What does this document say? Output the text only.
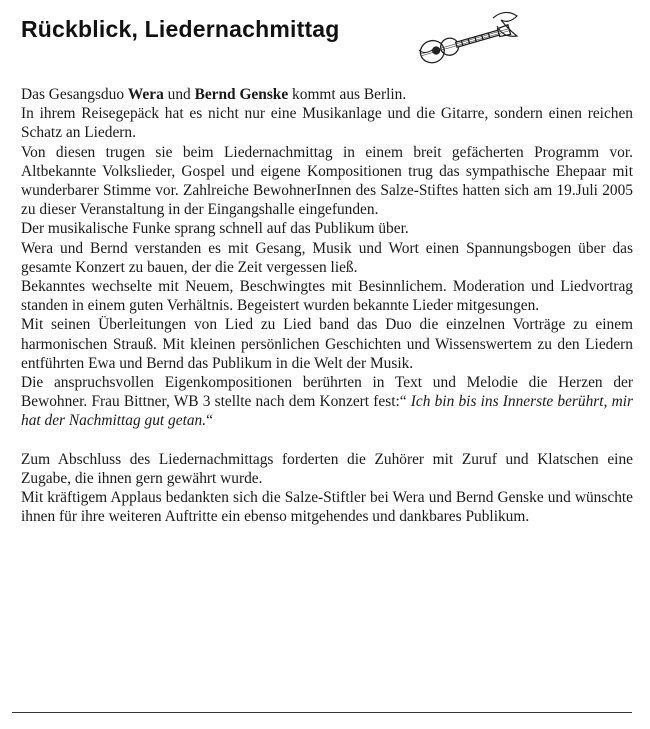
Rückblick, Liedernachmittag

Das Gesangsduo Wera und Bernd Genske kommt aus Berlin.

In ihrem Reisegepäck hat es nicht nur eine Musikanlage und die Gitarre, sondern einen reichen Schatz an Liedern.

Von diesen trugen sie beim Liedernachmittag in einem breit gefächerten Programm vor. Altbekannte Volkslieder, Gospel und eigene Kompositionen trug das sympathische Ehepaar mit wunderbarer Stimme vor. Zahlreiche BewohnerInnen des Salze-Stiftes hatten sich am 19.Juli 2005 zu dieser Veranstaltung in der Eingangshalle eingefunden.

Der musikalische Funke sprang schnell auf das Publikum über.

Wera und Bernd verstanden es mit Gesang, Musik und Wort einen Spannungsbogen über das gesamte Konzert zu bauen, der die Zeit vergessen ließ.

Bekanntes wechselte mit Neuem, Beschwingtes mit Besinnlichem. Moderation und Liedvortrag standen in einem guten Verhältnis. Begeistert wurden bekannte Lieder mitgesungen.

Mit seinen Überleitungen von Lied zu Lied band das Duo die einzelnen Vorträge zu einem harmonischen Strauß. Mit kleinen persönlichen Geschichten und Wissenswertem zu den Liedern entführten Ewa und Bernd das Publikum in die Welt der Musik.

Die anspruchsvollen Eigenkompositionen berührten in Text und Melodie die Herzen der Bewohner. Frau Bittner, WB 3 stellte nach dem Konzert fest:“ Ich bin bis ins Innerste berührt, mir hat der Nachmittag gut getan.“

Zum Abschluss des Liedernachmittags forderten die Zuhörer mit Zuruf und Klatschen eine Zugabe, die ihnen gern gewährt wurde.

Mit kräftigem Applaus bedankten sich die Salze-Stiftler bei Wera und Bernd Genske und wünschte ihnen für ihre weiteren Auftritte ein ebenso mitgehendes und dankbares Publikum.
